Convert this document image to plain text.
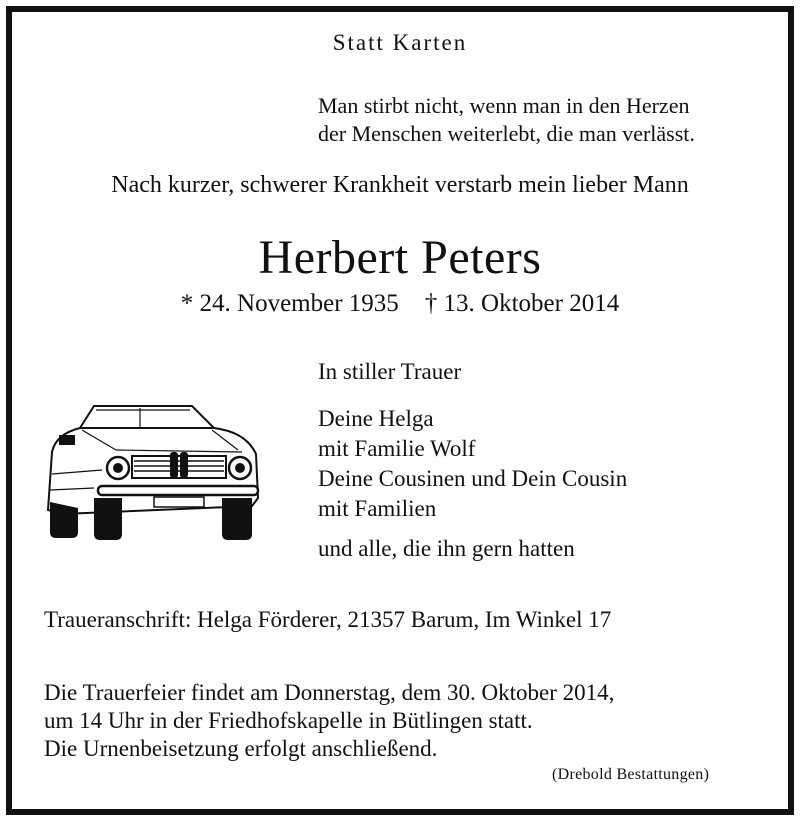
Statt Karten
Man stirbt nicht, wenn man in den Herzen
der Menschen weiterlebt, die man verlässt.
Nach kurzer, schwerer Krankheit verstarb mein lieber Mann
Herbert Peters
* 24. November 1935 † 13. Oktober 2014
In stiller Trauer
Deine Helga
mit Familie Wolf
Deine Cousinen und Dein Cousin
mit Familien
und alle, die ihn gern hatten
Traueranschrift: Helga Förderer, 21357 Barum, Im Winkel 17
Die Trauerfeier findet am Donnerstag, dem 30. Oktober 2014,
um 14 Uhr in der Friedhofskapelle in Bütlingen statt.
Die Urnenbeisetzung erfolgt anschließend.
(Drebold Bestattungen)
